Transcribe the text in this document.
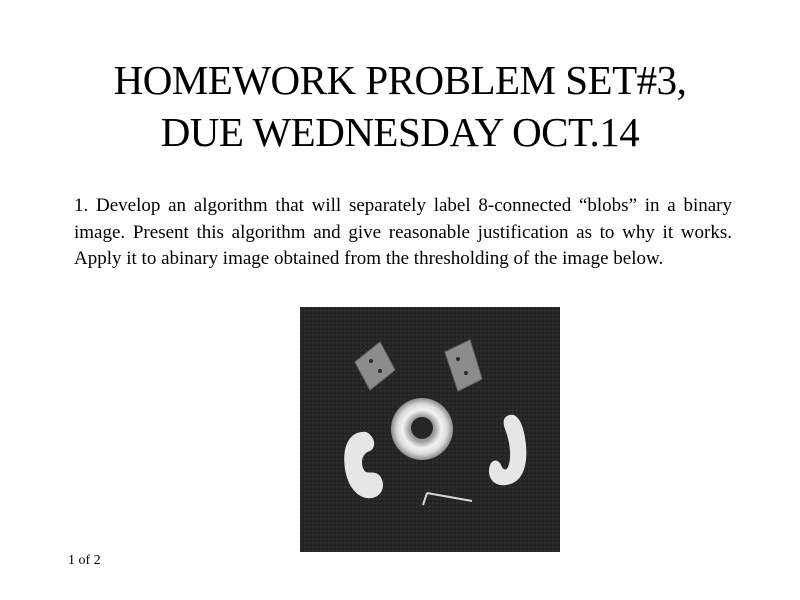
HOMEWORK PROBLEM SET#3,
DUE WEDNESDAY OCT.14
1. Develop an algorithm that will separately label 8-connected “blobs” in a binary image. Present this algorithm and give reasonable justification as to why it works. Apply it to abinary image obtained from the thresholding of the image below.
1 of 2
